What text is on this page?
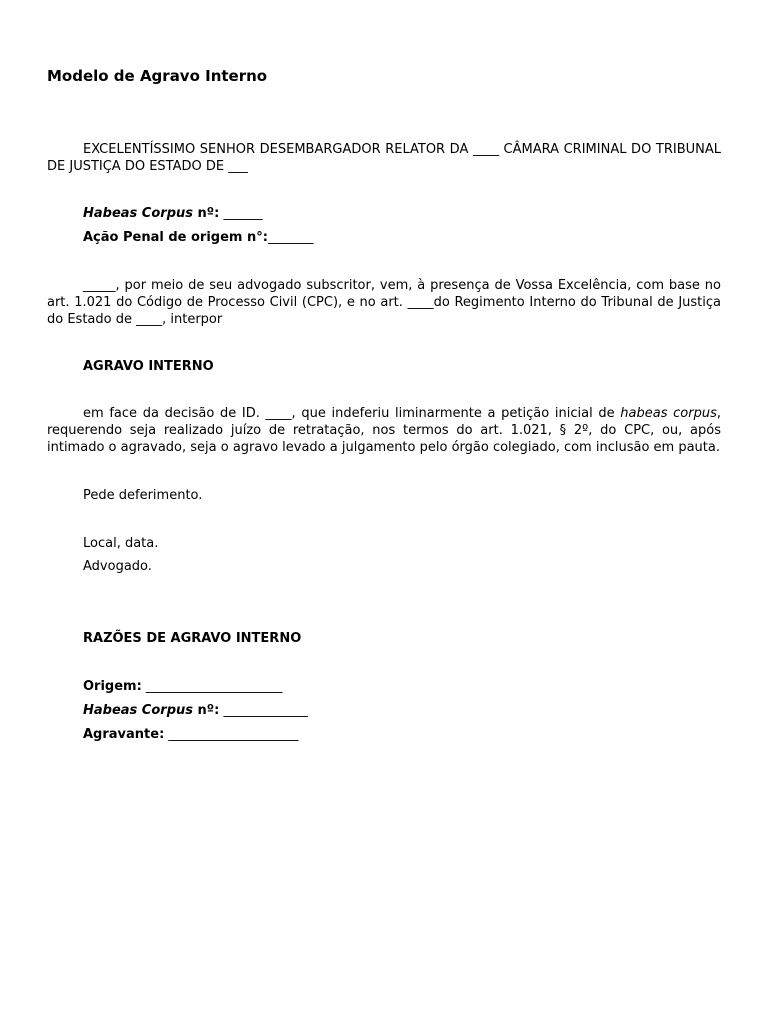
Modelo de Agravo Interno

EXCELENTÍSSIMO SENHOR DESEMBARGADOR RELATOR DA ____ CÂMARA CRIMINAL DO TRIBUNAL DE JUSTIÇA DO ESTADO DE ___

Habeas Corpus nº: ______

Ação Penal de origem n°:_______

_____, por meio de seu advogado subscritor, vem, à presença de Vossa Excelência, com base no art. 1.021 do Código de Processo Civil (CPC), e no art. ____do Regimento Interno do Tribunal de Justiça do Estado de ____, interpor

AGRAVO INTERNO

em face da decisão de ID. ____, que indeferiu liminarmente a petição inicial de habeas corpus, requerendo seja realizado juízo de retratação, nos termos do art. 1.021, § 2º, do CPC, ou, após intimado o agravado, seja o agravo levado a julgamento pelo órgão colegiado, com inclusão em pauta.

Pede deferimento.

Local, data.

Advogado.

RAZÕES DE AGRAVO INTERNO

Origem: _____________________

Habeas Corpus nº: _____________

Agravante: ____________________
